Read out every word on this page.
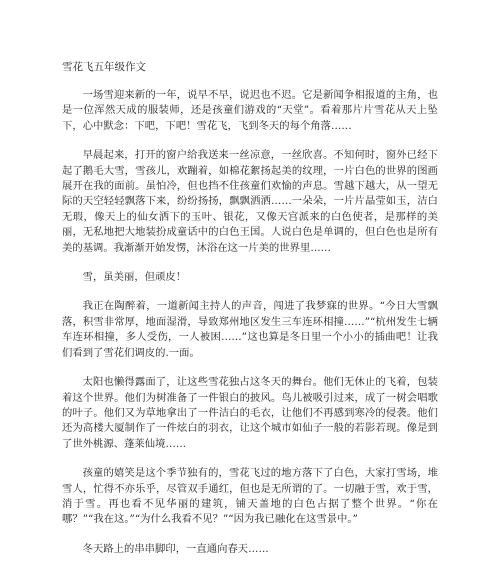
雪花飞五年级作文

一场雪迎来新的一年，说早不早，说迟也不迟。它是新闻争相报道的主角，也是一位浑然天成的服装师，还是孩童们游戏的“天堂”。看着那片片雪花从天上坠下，心中默念：下吧，下吧！雪花飞，飞到冬天的每个角落……

早晨起来，打开的窗户给我送来一丝凉意，一丝欣喜。不知何时，窗外已经下起了鹅毛大雪，雪孩儿，欢蹦着，如棉花絮扬起美的纹理，一片白色的世界的图画展开在我的面前。虽怕冷，但也挡不住孩童们欢愉的声息。雪越下越大，从一望无际的天空轻轻飘落下来，纷纷扬扬，飘飘洒洒……一朵朵，一片片晶莹如玉，洁白无瑕，像天上的仙女洒下的玉叶、银花，又像天宫派来的白色使者，是那样的美丽，无私地把大地装扮成童话中的白色王国。人说白色是单调的，但白色也是所有美的基调。我渐渐开始发愣，沐浴在这一片美的世界里……

雪，虽美丽，但顽皮！

我正在陶醉着，一道新闻主持人的声音，闯进了我梦寐的世界。“今日大雪飘落，积雪非常厚，地面湿滑，导致郑州地区发生三车连环相撞……”“杭州发生七辆车连环相撞，多人受伤，一人被困……”这也算是冬日里一个小小的插曲吧！让我们看到了雪花们调皮的.一面。

太阳也懒得露面了，让这些雪花独占这冬天的舞台。他们无休止的飞着，包装着这个世界。他们为树准备了一件银白的披风。鸟儿被吸引过来，成了一树会唱歌的叶子。他们又为草地拿出了一件洁白的毛衣，让他们不再感到寒冷的侵袭。他们还为高楼大厦制作了一件炫白的羽衣，让这个城市如仙子一般的若影若现。像是到了世外桃源、蓬莱仙境……

孩童的嬉笑是这个季节独有的，雪花飞过的地方落下了白色，大家打雪场，堆雪人，忙得不亦乐乎，尽管双手通红，但也是无所谓的了。一切融于雪，欢于雪，消于雪。再也看不见华丽的建筑，铺天盖地的白色占据了整个世界。“你在哪？”“我在这。”“为什么我看不见？”“因为我已融化在这雪景中。”

冬天路上的串串脚印，一直通向春天……
